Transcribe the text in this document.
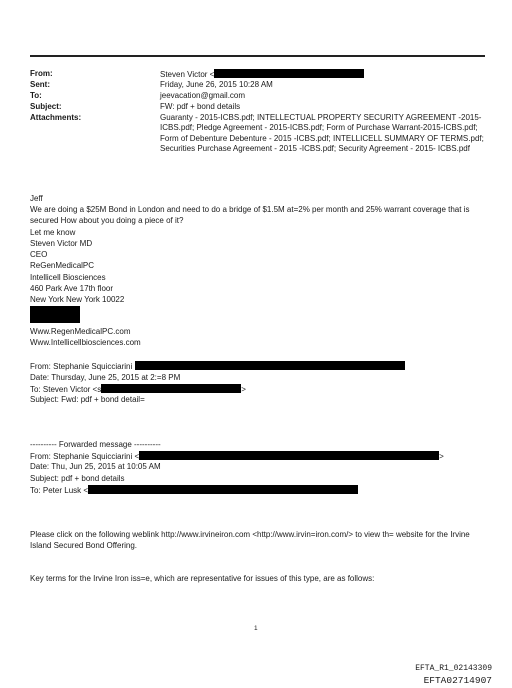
From:	Steven Victor <
Sent:	Friday, June 26, 2015 10:28 AM
To:	jeevacation@gmail.com
Subject:	FW: pdf + bond details
Attachments:	Guaranty - 2015-ICBS.pdf; INTELLECTUAL PROPERTY SECURITY AGREEMENT -2015-ICBS.pdf; Pledge Agreement - 2015-ICBS.pdf; Form of Purchase Warrant-2015-ICBS.pdf; Form of Debenture Debenture - 2015 -ICBS.pdf; INTELLICELL SUMMARY OF TERMS.pdf; Securities Purchase Agreement - 2015 -ICBS.pdf; Security Agreement - 2015- ICBS.pdf
Jeff
We are doing a $25M Bond in London and need to do a bridge of $1.5M at=2% per month and 25% warrant coverage that is secured How about you doing a piece of it?
Let me know
Steven Victor MD
CEO
ReGenMedicalPC
Intellicell Biosciences
460 Park Ave 17th floor
New York New York 10022
Www.RegenMedicalPC.com
Www.Intellicellbiosciences.com
From: Stephanie Squicciarini
Date: Thursday, June 25, 2015 at 2:=8 PM
To: Steven Victor <s	>
Subject: Fwd: pdf + bond detail=
---------- Forwarded message ----------
From: Stephanie Squicciarini <	>
Date: Thu, Jun 25, 2015 at 10:05 AM
Subject: pdf + bond details
To: Peter Lusk <
Please click on the following weblink http://www.irvineiron.com <http://www.irvin=iron.com/> to view th= website for the Irvine Island Secured Bond Offering.
Key terms for the Irvine Iron iss=e, which are representative for issues of this type, are as follows:
1
EFTA_R1_02143309
EFTA02714907
